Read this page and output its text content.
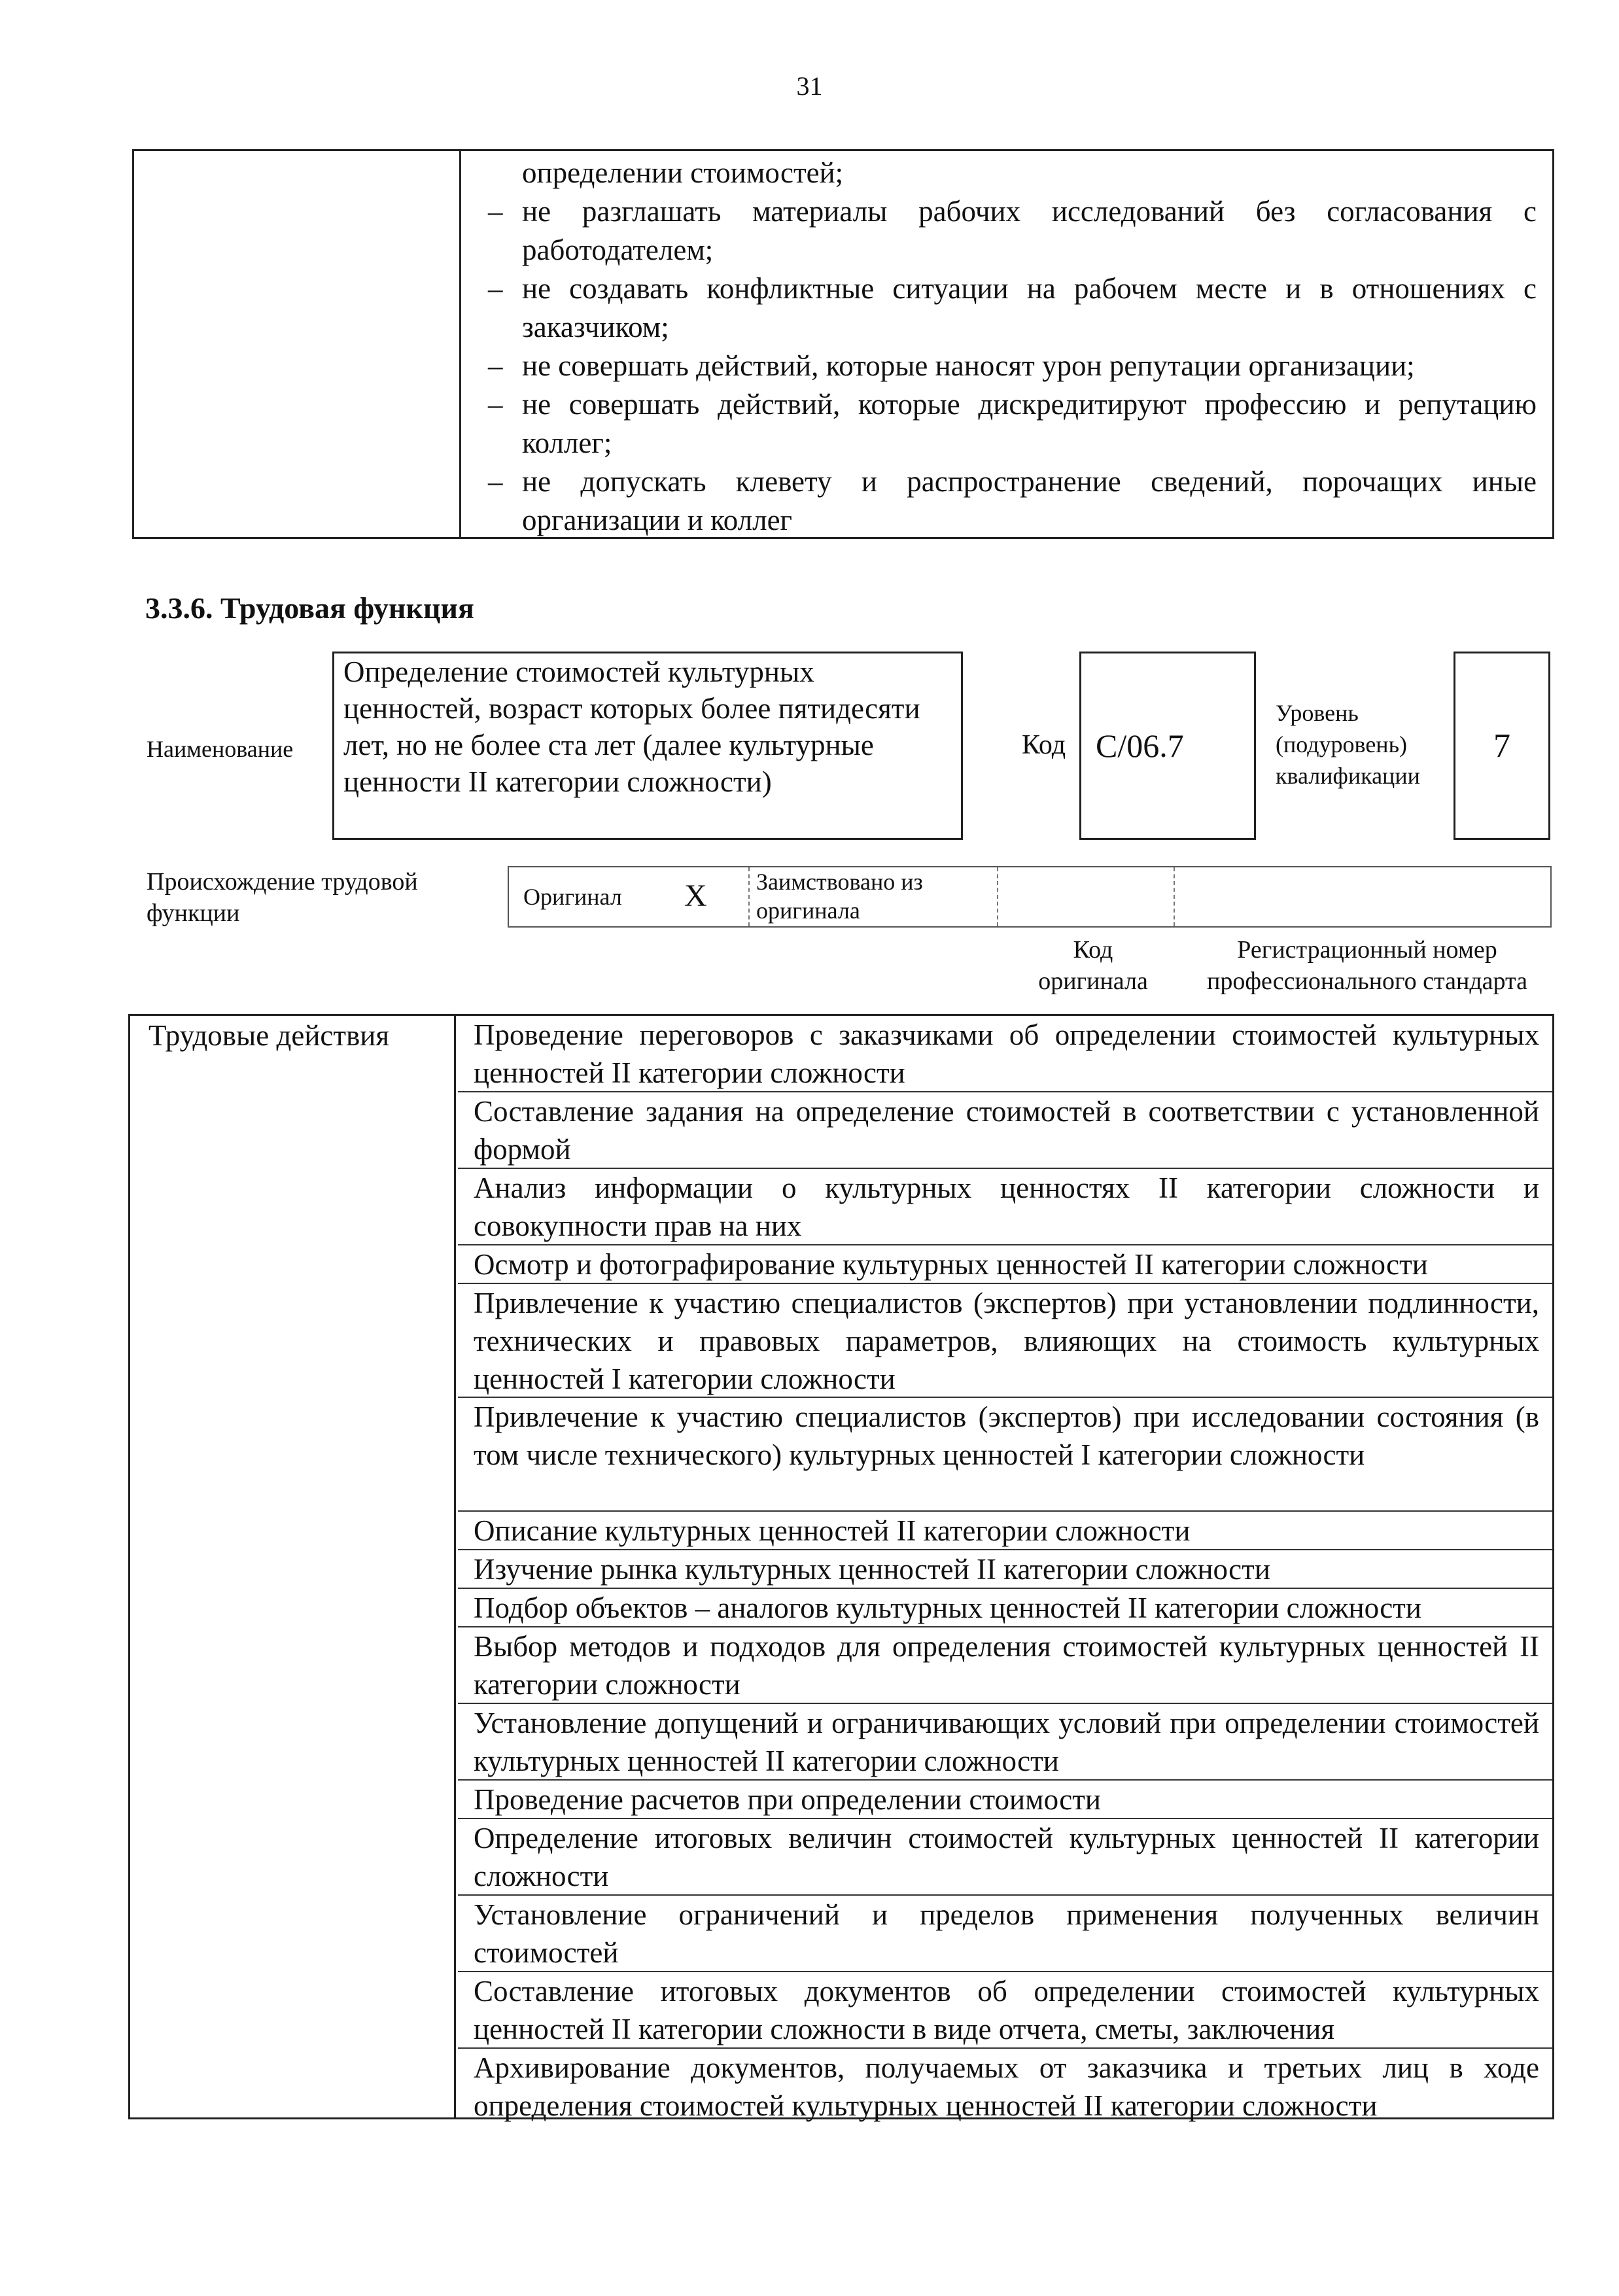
31
определении стоимостей;
– не разглашать материалы рабочих исследований без согласования с работодателем;
– не создавать конфликтные ситуации на рабочем месте и в отношениях с заказчиком;
– не совершать действий, которые наносят урон репутации организации;
– не совершать действий, которые дискредитируют профессию и репутацию коллег;
– не допускать клевету и распространение сведений, порочащих иные организации и коллег
3.3.6. Трудовая функция
Наименование
Определение стоимостей культурных ценностей, возраст которых более пятидесяти лет, но не более ста лет (далее культурные ценности II категории сложности)
Код С/06.7
Уровень (подуровень) квалификации
7
Происхождение трудовой функции
Оригинал X Заимствовано из оригинала
Код оригинала
Регистрационный номер профессионального стандарта
Трудовые действия	Проведение переговоров с заказчиками об определении стоимостей культурных ценностей II категории сложности
Составление задания на определение стоимостей в соответствии с установленной формой
Анализ информации о культурных ценностях II категории сложности и совокупности прав на них
Осмотр и фотографирование культурных ценностей II категории сложности
Привлечение к участию специалистов (экспертов) при установлении подлинности, технических и правовых параметров, влияющих на стоимость культурных ценностей I категории сложности
Привлечение к участию специалистов (экспертов) при исследовании состояния (в том числе технического) культурных ценностей I категории сложности
Описание культурных ценностей II категории сложности
Изучение рынка культурных ценностей II категории сложности
Подбор объектов – аналогов культурных ценностей II категории сложности
Выбор методов и подходов для определения стоимостей культурных ценностей II категории сложности
Установление допущений и ограничивающих условий при определении стоимостей культурных ценностей II категории сложности
Проведение расчетов при определении стоимости
Определение итоговых величин стоимостей культурных ценностей II категории сложности
Установление ограничений и пределов применения полученных величин стоимостей
Составление итоговых документов об определении стоимостей культурных ценностей II категории сложности в виде отчета, сметы, заключения
Архивирование документов, получаемых от заказчика и третьих лиц в ходе определения стоимостей культурных ценностей II категории сложности
